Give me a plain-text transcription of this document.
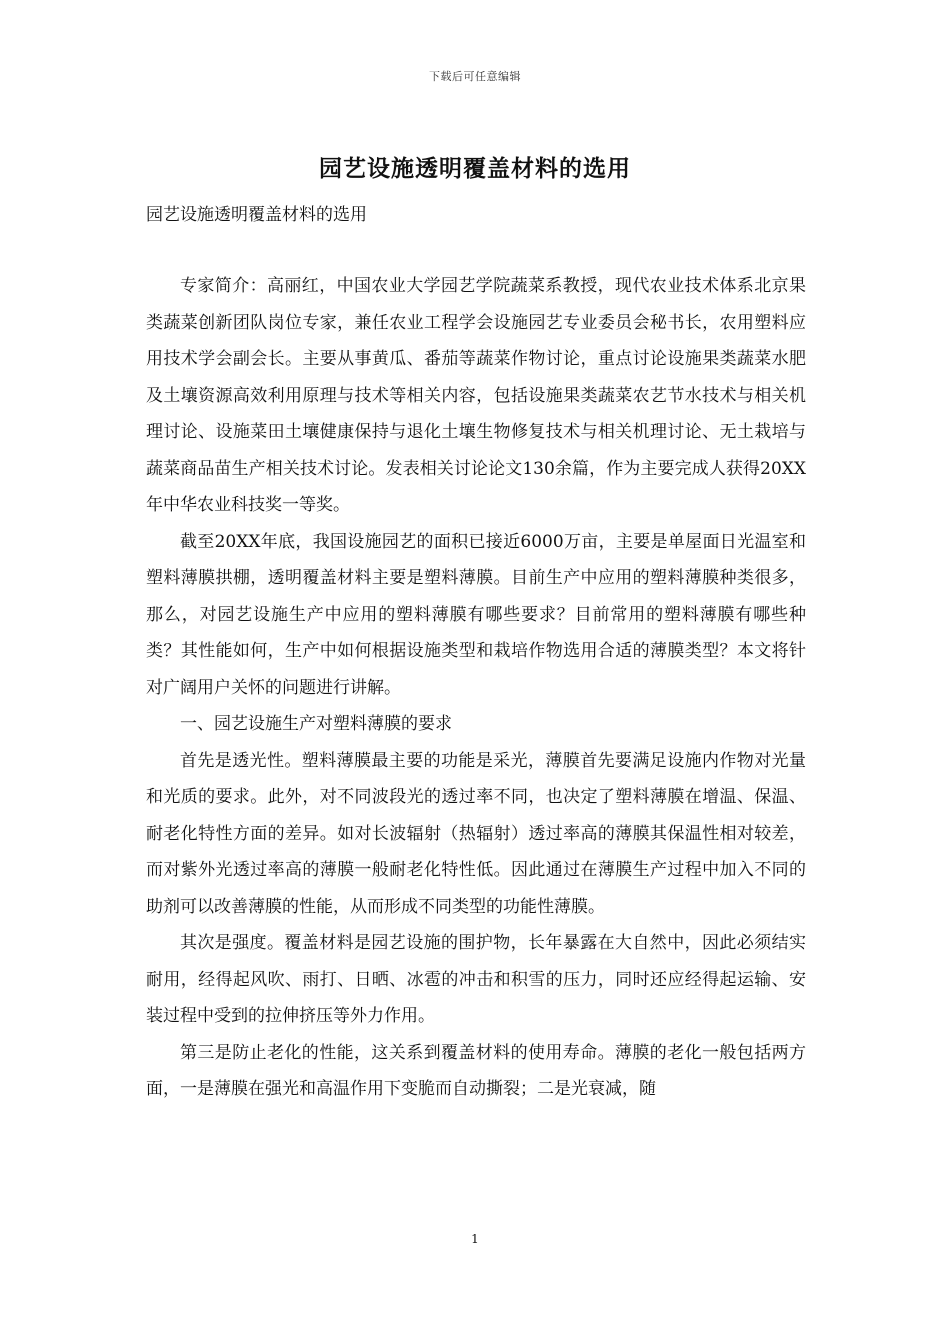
下载后可任意编辑
园艺设施透明覆盖材料的选用

园艺设施透明覆盖材料的选用

专家简介：高丽红，中国农业大学园艺学院蔬菜系教授，现代农业技术体系北京果类蔬菜创新团队岗位专家，兼任农业工程学会设施园艺专业委员会秘书长，农用塑料应用技术学会副会长。主要从事黄瓜、番茄等蔬菜作物讨论，重点讨论设施果类蔬菜水肥及土壤资源高效利用原理与技术等相关内容，包括设施果类蔬菜农艺节水技术与相关机理讨论、设施菜田土壤健康保持与退化土壤生物修复技术与相关机理讨论、无土栽培与蔬菜商品苗生产相关技术讨论。发表相关讨论论文130余篇，作为主要完成人获得20XX年中华农业科技奖一等奖。

截至20XX年底，我国设施园艺的面积已接近6000万亩，主要是单屋面日光温室和塑料薄膜拱棚，透明覆盖材料主要是塑料薄膜。目前生产中应用的塑料薄膜种类很多，那么，对园艺设施生产中应用的塑料薄膜有哪些要求？目前常用的塑料薄膜有哪些种类？其性能如何，生产中如何根据设施类型和栽培作物选用合适的薄膜类型？本文将针对广阔用户关怀的问题进行讲解。

一、园艺设施生产对塑料薄膜的要求

首先是透光性。塑料薄膜最主要的功能是采光，薄膜首先要满足设施内作物对光量和光质的要求。此外，对不同波段光的透过率不同，也决定了塑料薄膜在增温、保温、耐老化特性方面的差异。如对长波辐射（热辐射）透过率高的薄膜其保温性相对较差，而对紫外光透过率高的薄膜一般耐老化特性低。因此通过在薄膜生产过程中加入不同的助剂可以改善薄膜的性能，从而形成不同类型的功能性薄膜。

其次是强度。覆盖材料是园艺设施的围护物，长年暴露在大自然中，因此必须结实耐用，经得起风吹、雨打、日晒、冰雹的冲击和积雪的压力，同时还应经得起运输、安装过程中受到的拉伸挤压等外力作用。

第三是防止老化的性能，这关系到覆盖材料的使用寿命。薄膜的老化一般包括两方面，一是薄膜在强光和高温作用下变脆而自动撕裂；二是光衰减，随

1
